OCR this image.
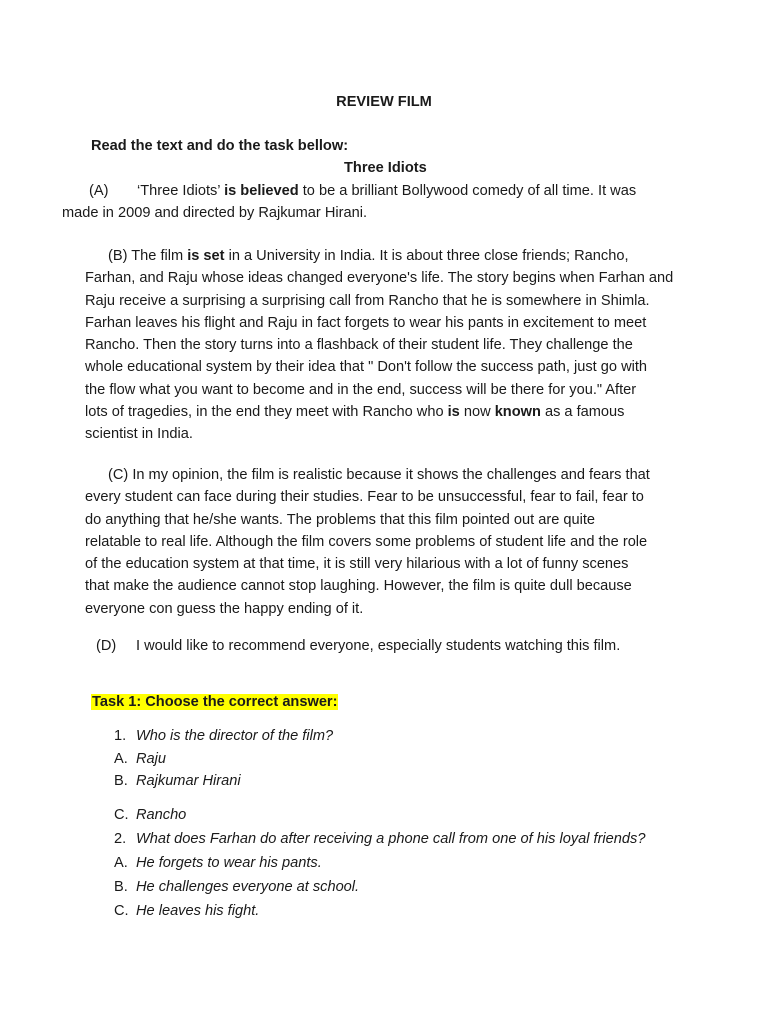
REVIEW FILM
Read the text and do the task bellow:
Three Idiots
(A) ‘Three Idiots’ is believed to be a brilliant Bollywood comedy of all time. It was
made in 2009 and directed by Rajkumar Hirani.
(B) The film is set in a University in India. It is about three close friends; Rancho,
Farhan, and Raju whose ideas changed everyone's life. The story begins when Farhan and
Raju receive a surprising a surprising call from Rancho that he is somewhere in Shimla.
Farhan leaves his flight and Raju in fact forgets to wear his pants in excitement to meet
Rancho. Then the story turns into a flashback of their student life. They challenge the
whole educational system by their idea that " Don't follow the success path, just go with
the flow what you want to become and in the end, success will be there for you." After
lots of tragedies, in the end they meet with Rancho who is now known as a famous
scientist in India.
(C) In my opinion, the film is realistic because it shows the challenges and fears that
every student can face during their studies. Fear to be unsuccessful, fear to fail, fear to
do anything that he/she wants. The problems that this film pointed out are quite
relatable to real life. Although the film covers some problems of student life and the role
of the education system at that time, it is still very hilarious with a lot of funny scenes
that make the audience cannot stop laughing. However, the film is quite dull because
everyone con guess the happy ending of it.
(D) I would like to recommend everyone, especially students watching this film.
Task 1: Choose the correct answer:
1. Who is the director of the film?
A. Raju
B. Rajkumar Hirani
C. Rancho
2. What does Farhan do after receiving a phone call from one of his loyal friends?
A. He forgets to wear his pants.
B. He challenges everyone at school.
C. He leaves his fight.
